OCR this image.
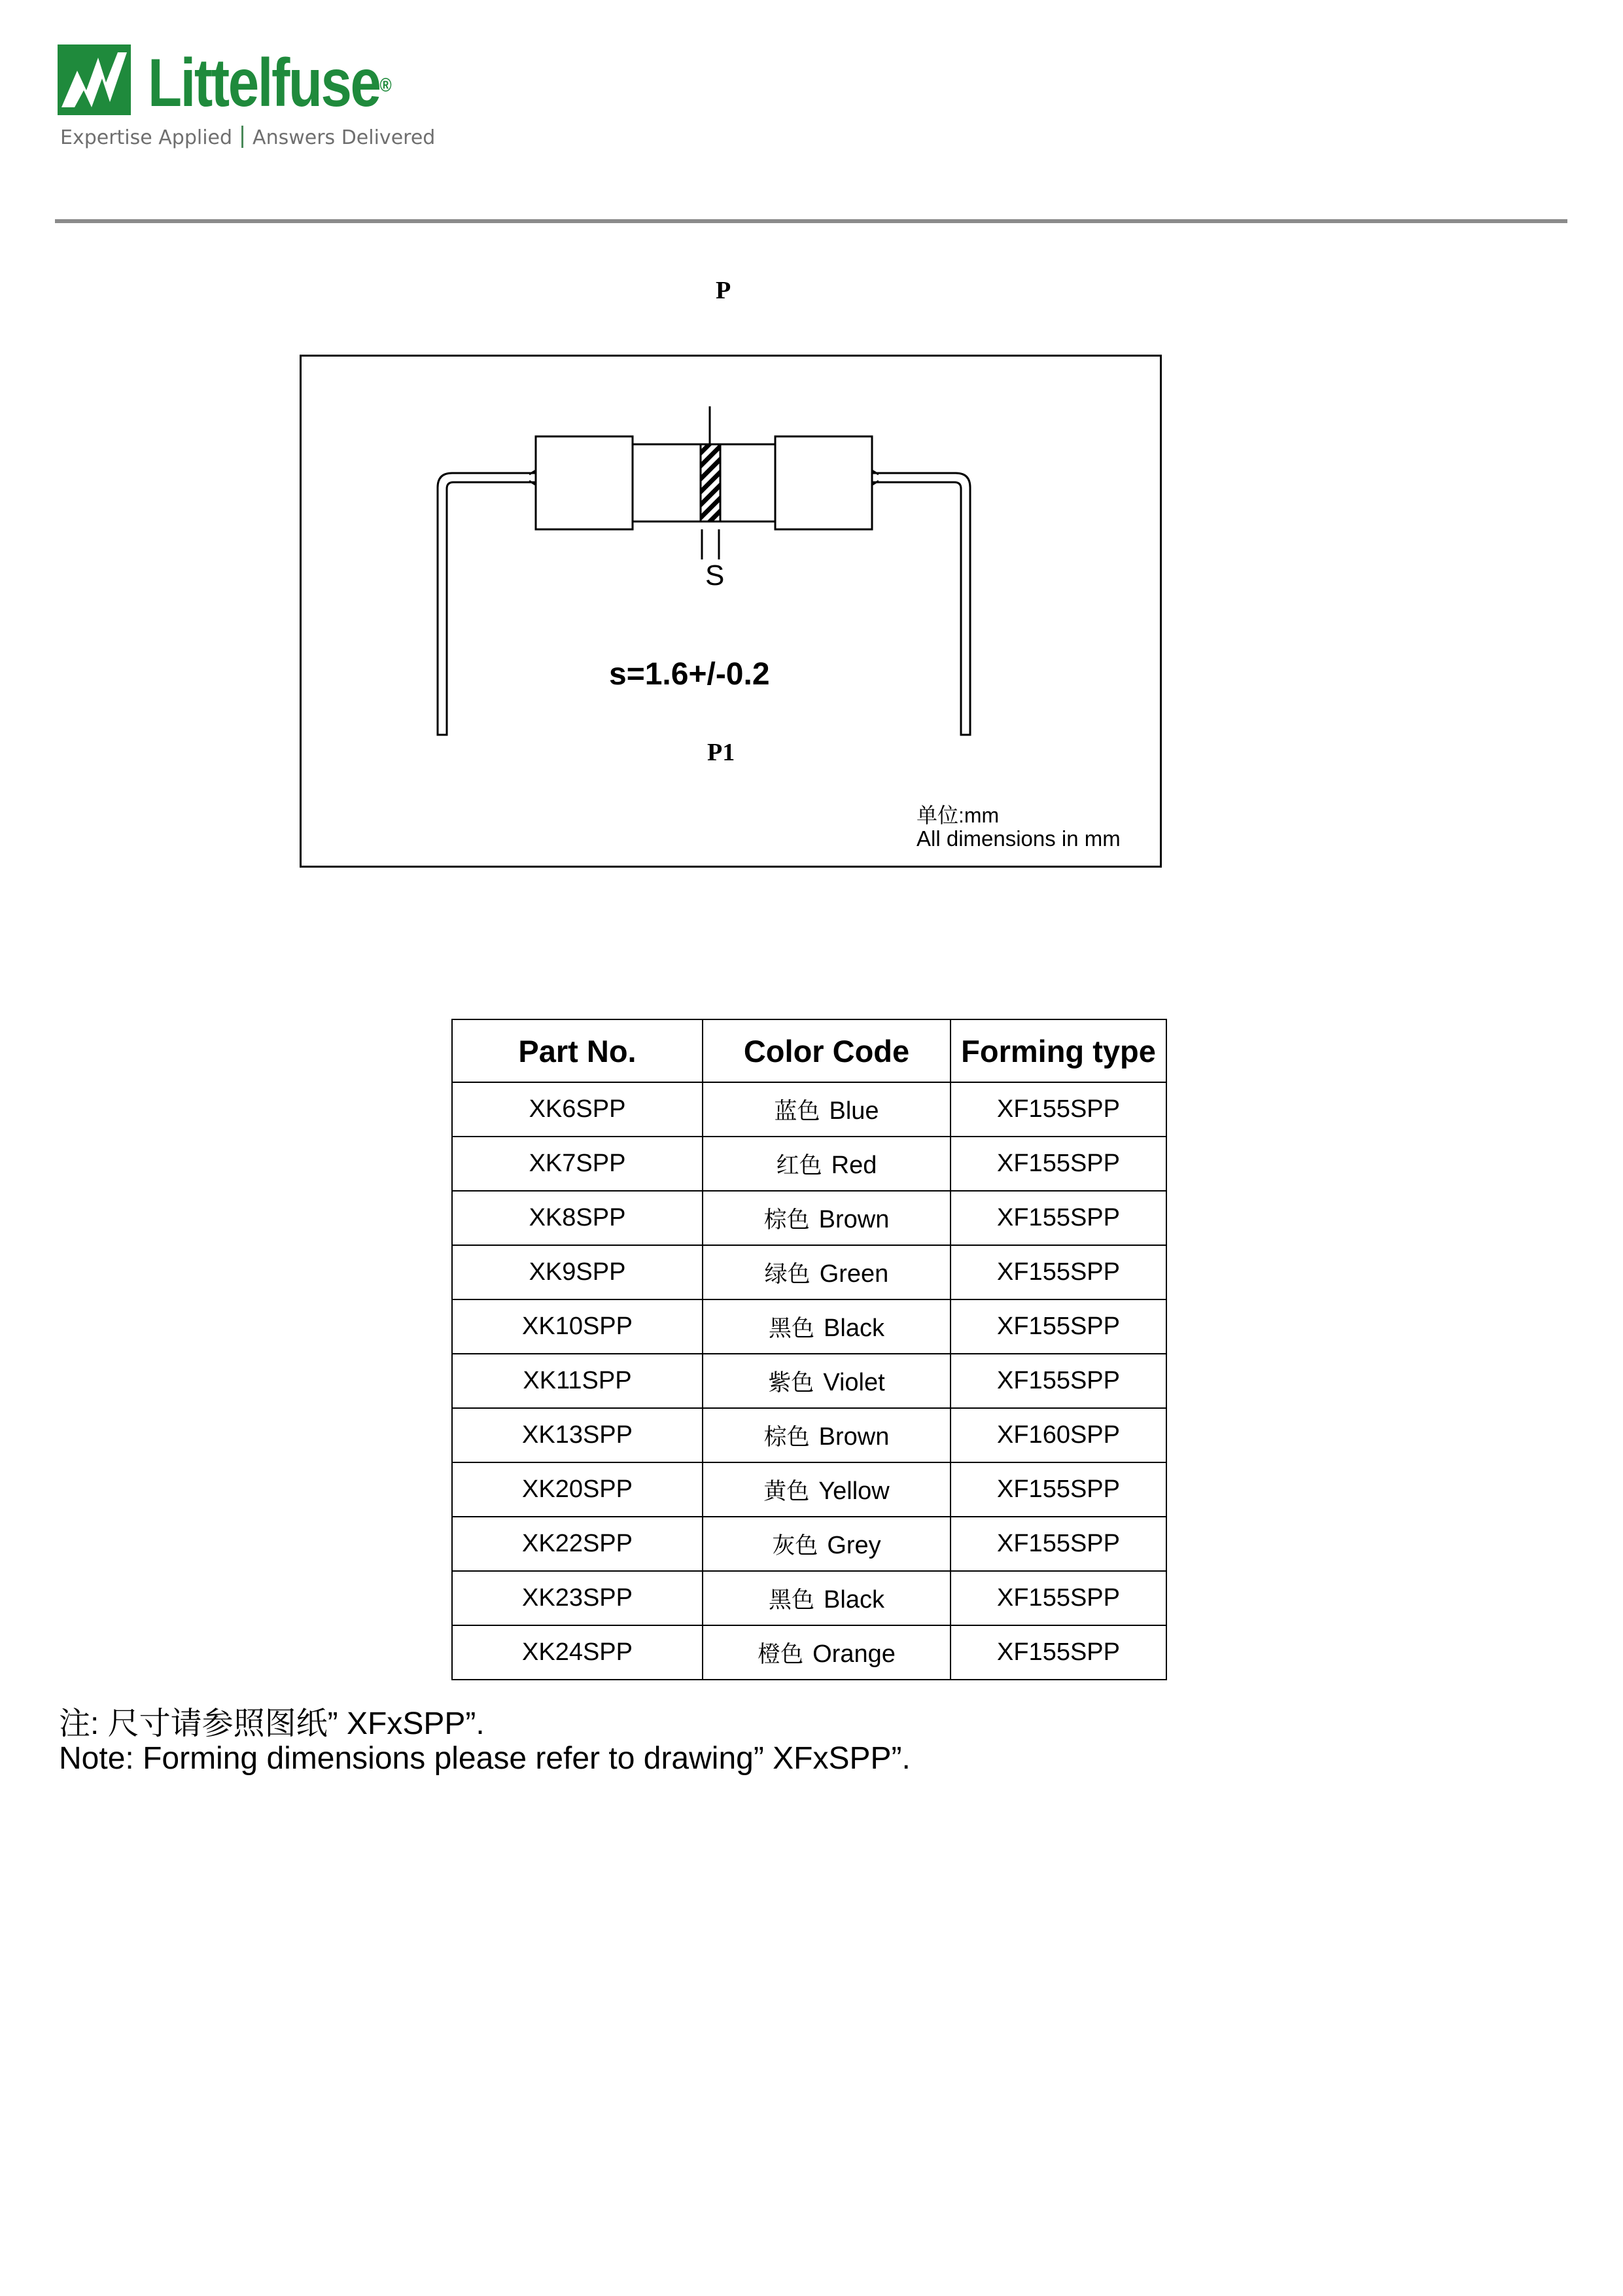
Littelfuse®
Expertise Applied Answers Delivered
P
S
s=1.6+/-0.2
P1
单位:mm
All dimensions in mm
Part No.	Color Code	Forming type
XK6SPP	蓝色 Blue	XF155SPP
XK7SPP	红色 Red	XF155SPP
XK8SPP	棕色 Brown	XF155SPP
XK9SPP	绿色 Green	XF155SPP
XK10SPP	黑色 Black	XF155SPP
XK11SPP	紫色 Violet	XF155SPP
XK13SPP	棕色 Brown	XF160SPP
XK20SPP	黄色 Yellow	XF155SPP
XK22SPP	灰色 Grey	XF155SPP
XK23SPP	黑色 Black	XF155SPP
XK24SPP	橙色 Orange	XF155SPP
注: 尺寸请参照图纸” XFxSPP”.
Note: Forming dimensions please refer to drawing” XFxSPP”.
